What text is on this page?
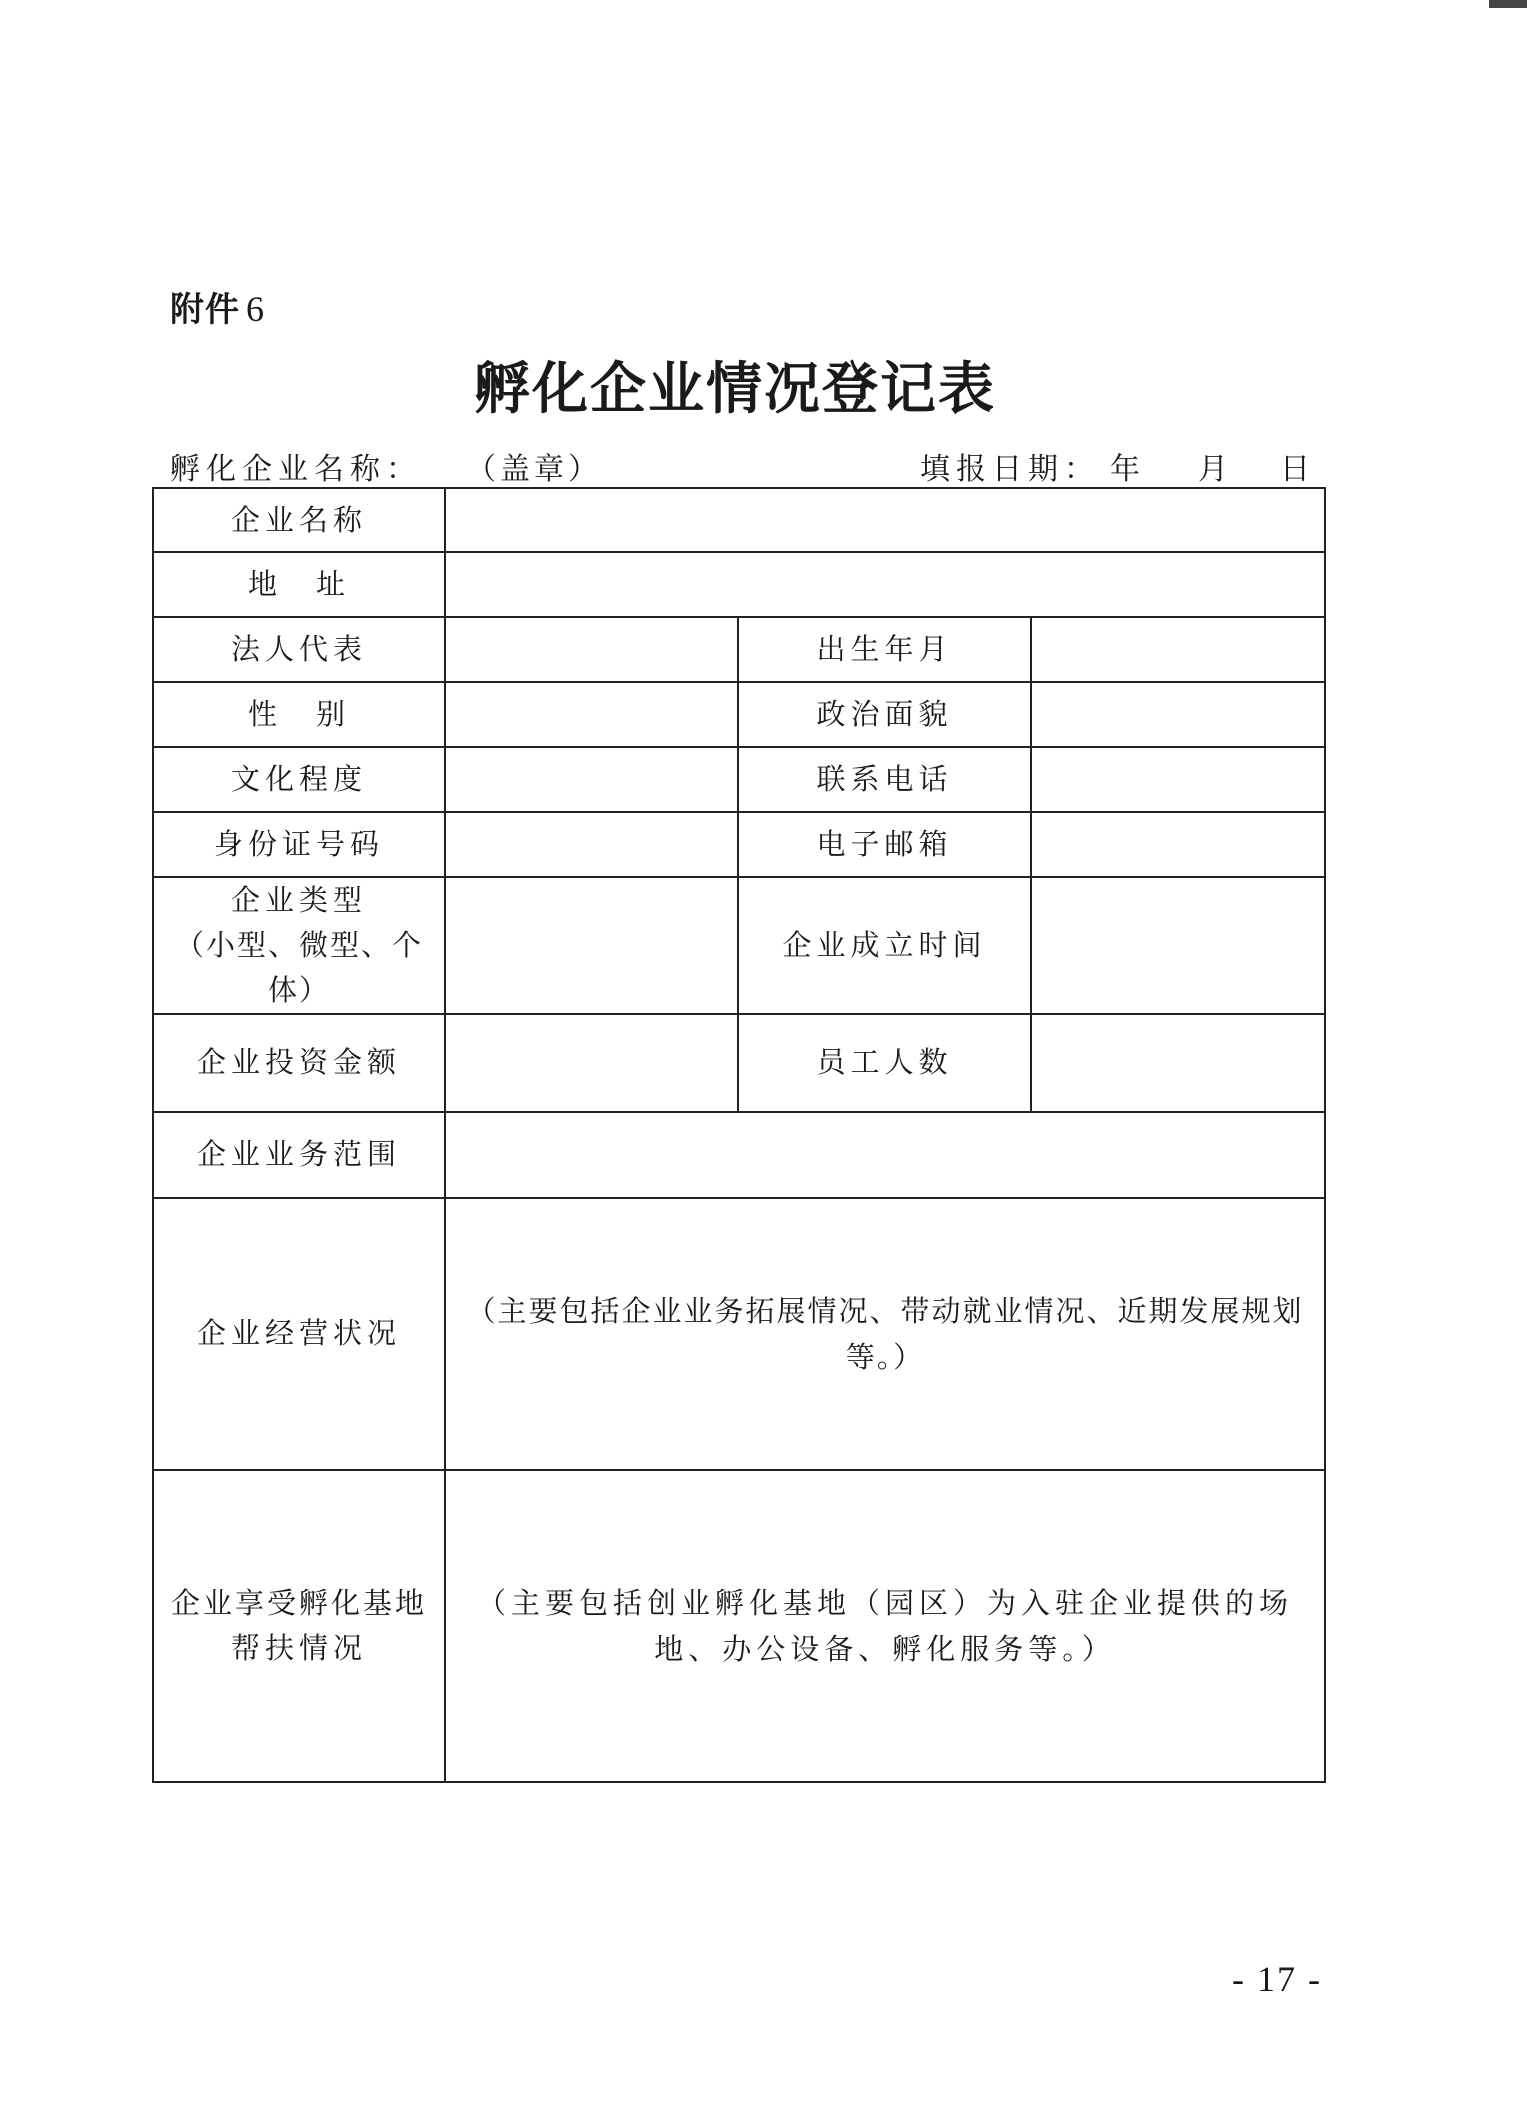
附件 6
孵化企业情况登记表
孵化企业名称： （盖章）	填报日期： 年 月 日
企业名称			
地　址			
法人代表		出生年月	
性　别		政治面貌	
文化程度		联系电话	
身份证号码		电子邮箱	

企业类型
（小型、微型、个体）		企业成立时间	
企业投资金额		员工人数	
企业业务范围			
企业经营状况	（主要包括企业业务拓展情况、带动就业情况、近期发展规划等。）		

企业享受孵化基地
帮扶情况	（主要包括创业孵化基地（园区）为入驻企业提供的场地、办公设备、孵化服务等。）		
- 17 -
